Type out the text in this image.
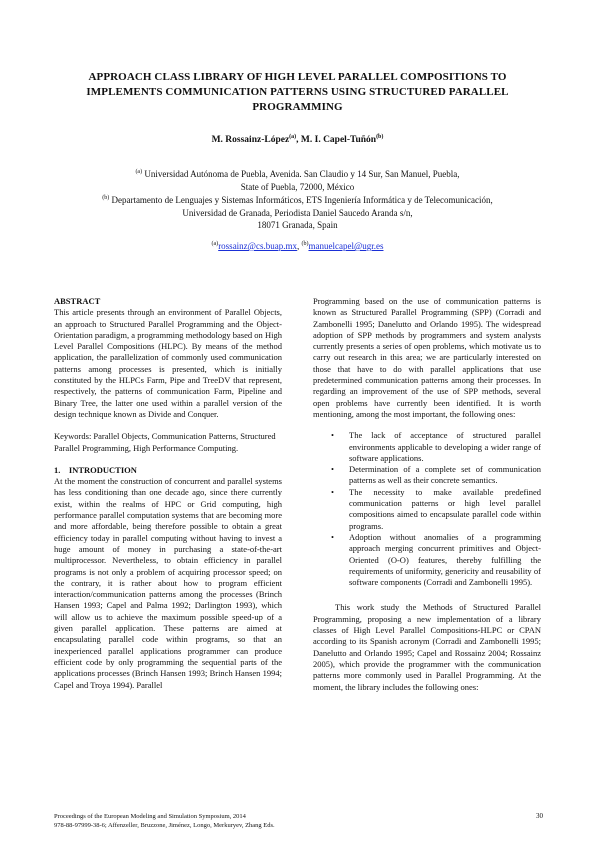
APPROACH CLASS LIBRARY OF HIGH LEVEL PARALLEL COMPOSITIONS TO IMPLEMENTS COMMUNICATION PATTERNS USING STRUCTURED PARALLEL PROGRAMMING
M. Rossainz-López$^{(a)}$, M. I. Capel-Tuñón$^{(b)}$

$^{(a)}$ Universidad Autónoma de Puebla, Avenida. San Claudio y 14 Sur, San Manuel, Puebla,

State of Puebla, 72000, México

$^{(b)}$ Departamento de Lenguajes y Sistemas Informáticos, ETS Ingeniería Informática y de Telecomunicación,

Universidad de Granada, Periodista Daniel Saucedo Aranda s/n,

18071 Granada, Spain

$^{(a)}$rossainz@cs.buap.mx, $^{(b)}$manuelcapel@ugr.es

ABSTRACT

This article presents through an environment of Parallel Objects, an approach to Structured Parallel Programming and the Object-Orientation paradigm, a programming methodology based on High Level Parallel Compositions (HLPC). By means of the method application, the parallelization of commonly used communication patterns among processes is presented, which is initially constituted by the HLPCs Farm, Pipe and TreeDV that represent, respectively, the patterns of communication Farm, Pipeline and Binary Tree, the latter one used within a parallel version of the design technique known as Divide and Conquer.

Keywords: Parallel Objects, Communication Patterns, Structured Parallel Programming, High Performance Computing.

1.    INTRODUCTION

At the moment the construction of concurrent and parallel systems has less conditioning than one decade ago, since there currently exist, within the realms of HPC or Grid computing, high performance parallel computation systems that are becoming more and more affordable, being therefore possible to obtain a great efficiency today in parallel computing without having to invest a huge amount of money in purchasing a state-of-the-art multiprocessor. Nevertheless, to obtain efficiency in parallel programs is not only a problem of acquiring processor speed; on the contrary, it is rather about how to program efficient interaction/communication patterns among the processes (Brinch Hansen 1993; Capel and Palma 1992; Darlington 1993), which will allow us to achieve the maximum possible speed-up of a given parallel application. These patterns are aimed at encapsulating parallel code within programs, so that an inexperienced parallel applications programmer can produce efficient code by only programming the sequential parts of the applications processes (Brinch Hansen 1993; Brinch Hansen 1994; Capel and Troya 1994). Parallel

Programming based on the use of communication patterns is known as Structured Parallel Programming (SPP) (Corradi and Zambonelli 1995; Danelutto and Orlando 1995). The widespread adoption of SPP methods by programmers and system analysts currently presents a series of open problems, which motivate us to carry out research in this area; we are particularly interested on those that have to do with parallel applications that use predetermined communication patterns among their processes. In regarding an improvement of the use of SPP methods, several open problems have currently been identified. It is worth mentioning, among the most important, the following ones:

• The lack of acceptance of structured parallel environments applicable to developing a wider range of software applications.
• Determination of a complete set of communication patterns as well as their concrete semantics.
• The necessity to make available predefined communication patterns or high level parallel compositions aimed to encapsulate parallel code within programs.
• Adoption without anomalies of a programming approach merging concurrent primitives and Object-Oriented (O-O) features, thereby fulfilling the requirements of uniformity, genericity and reusability of software components (Corradi and Zambonelli 1995).

This work study the Methods of Structured Parallel Programming, proposing a new implementation of a library classes of High Level Parallel Compositions-HLPC or CPAN according to its Spanish acronym (Corradi and Zambonelli 1995; Danelutto and Orlando 1995; Capel and Rossainz 2004; Rossainz 2005), which provide the programmer with the communication patterns more commonly used in Parallel Programming. At the moment, the library includes the following ones:

Proceedings of the European Modeling and Simulation Symposium, 2014

978-88-97999-38-6; Affenzeller, Bruzzone, Jiménez, Longo, Merkuryev, Zhang Eds.

30
